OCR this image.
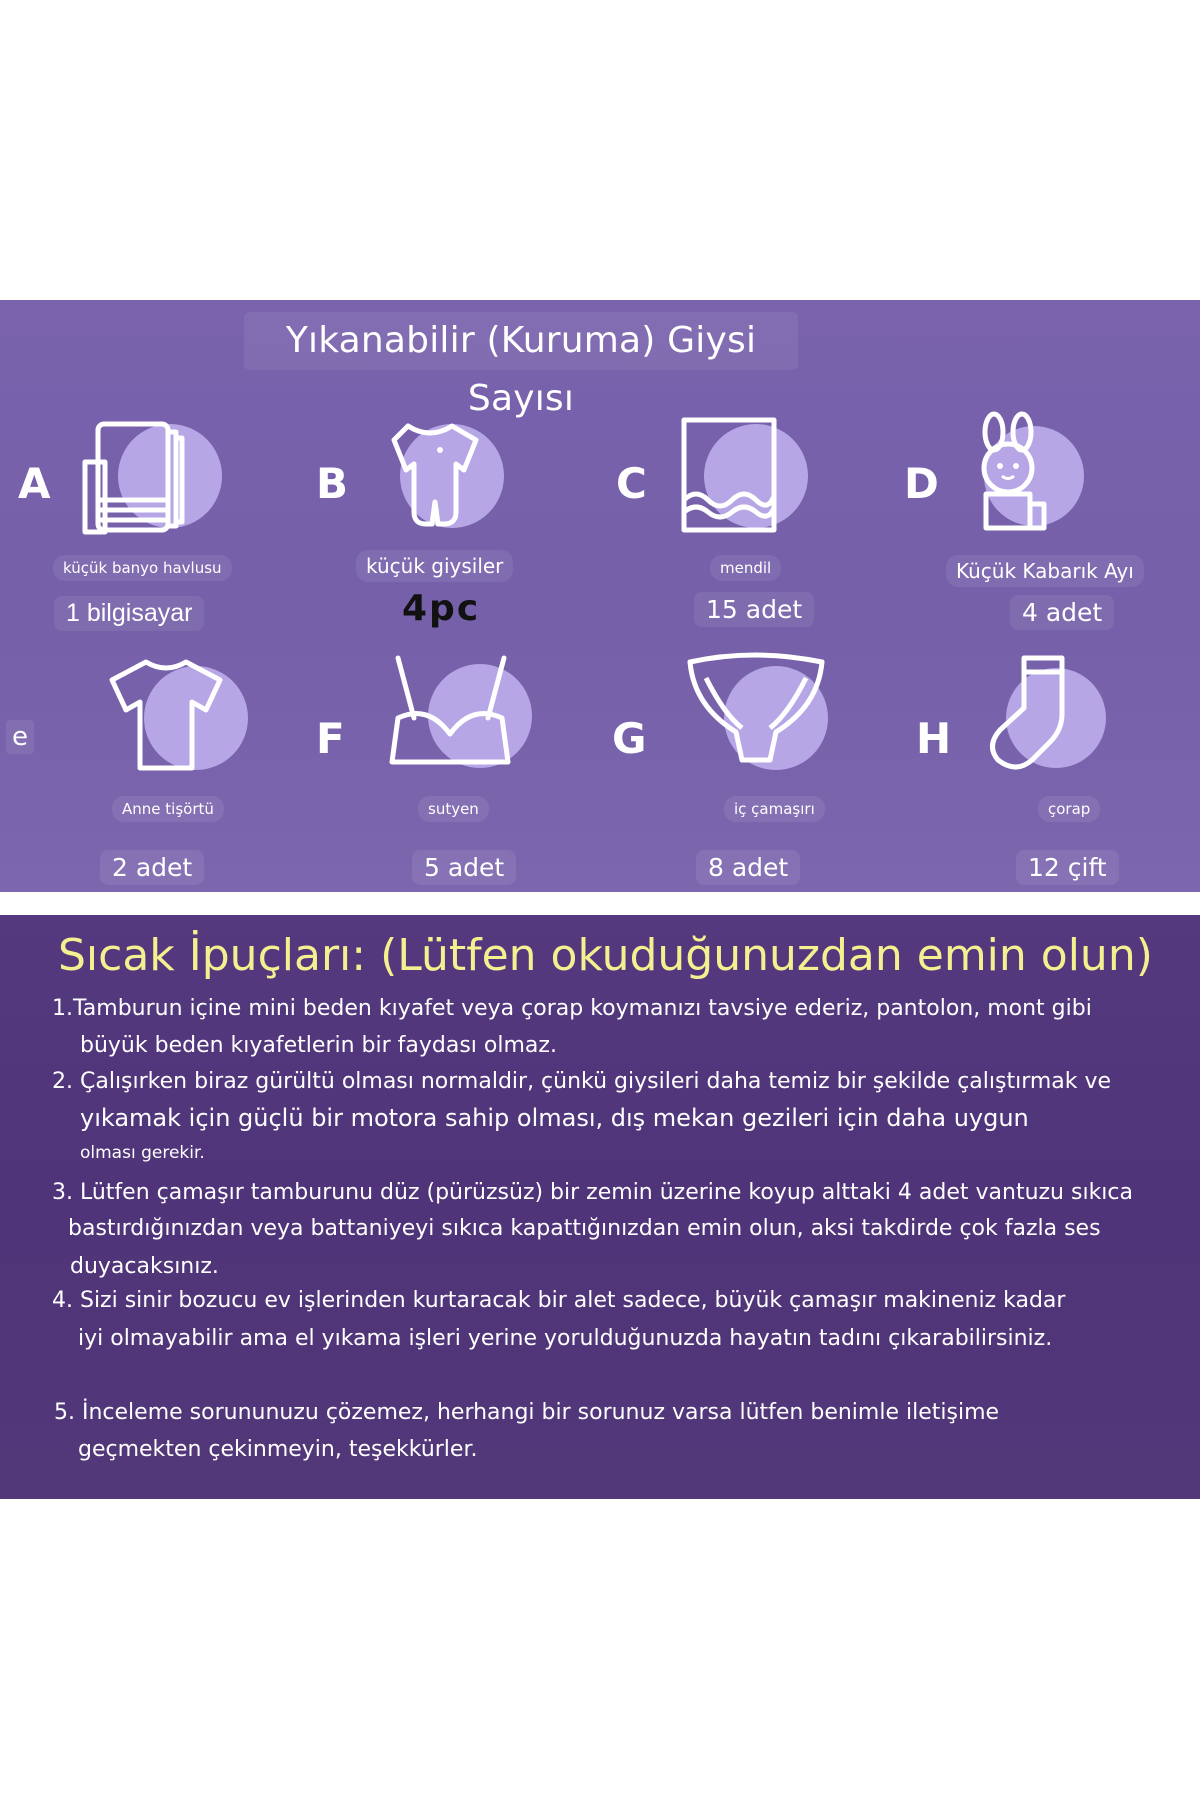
Yıkanabilir (Kuruma) Giysi Sayısı
A
küçük banyo havlusu
1 bilgisayar
B
küçük giysiler
4pc
C
mendil
15 adet
D
Küçük Kabarık Ayı
4 adet
e
Anne tişörtü
2 adet
F
sutyen
5 adet
G
iç çamaşırı
8 adet
H
çorap
12 çift
Sıcak İpuçları: (Lütfen okuduğunuzdan emin olun)
1.Tamburun içine mini beden kıyafet veya çorap koymanızı tavsiye ederiz, pantolon, mont gibi
büyük beden kıyafetlerin bir faydası olmaz.
2. Çalışırken biraz gürültü olması normaldir, çünkü giysileri daha temiz bir şekilde çalıştırmak ve
yıkamak için güçlü bir motora sahip olması, dış mekan gezileri için daha uygun
olması gerekir.
3. Lütfen çamaşır tamburunu düz (pürüzsüz) bir zemin üzerine koyup alttaki 4 adet vantuzu sıkıca
bastırdığınızdan veya battaniyeyi sıkıca kapattığınızdan emin olun, aksi takdirde çok fazla ses
duyacaksınız.
4. Sizi sinir bozucu ev işlerinden kurtaracak bir alet sadece, büyük çamaşır makineniz kadar
iyi olmayabilir ama el yıkama işleri yerine yorulduğunuzda hayatın tadını çıkarabilirsiniz.
5. İnceleme sorununuzu çözemez, herhangi bir sorunuz varsa lütfen benimle iletişime
geçmekten çekinmeyin, teşekkürler.
